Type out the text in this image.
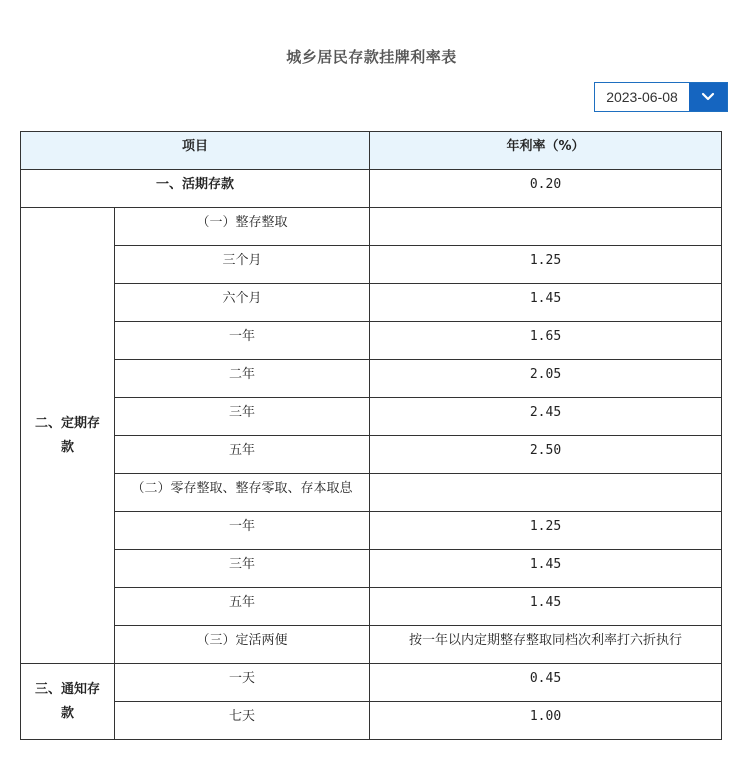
城乡居民存款挂牌利率表
2023-06-08
项目		年利率（%）
一、活期存款		0.20
二、定期存款	（一）整存整取	
	三个月	1.25
	六个月	1.45
	一年	1.65
	二年	2.05
	三年	2.45
	五年	2.50
	（二）零存整取、整存零取、存本取息	
	一年	1.25
	三年	1.45
	五年	1.45
	（三）定活两便	按一年以内定期整存整取同档次利率打六折执行
三、通知存款	一天	0.45
	七天	1.00
